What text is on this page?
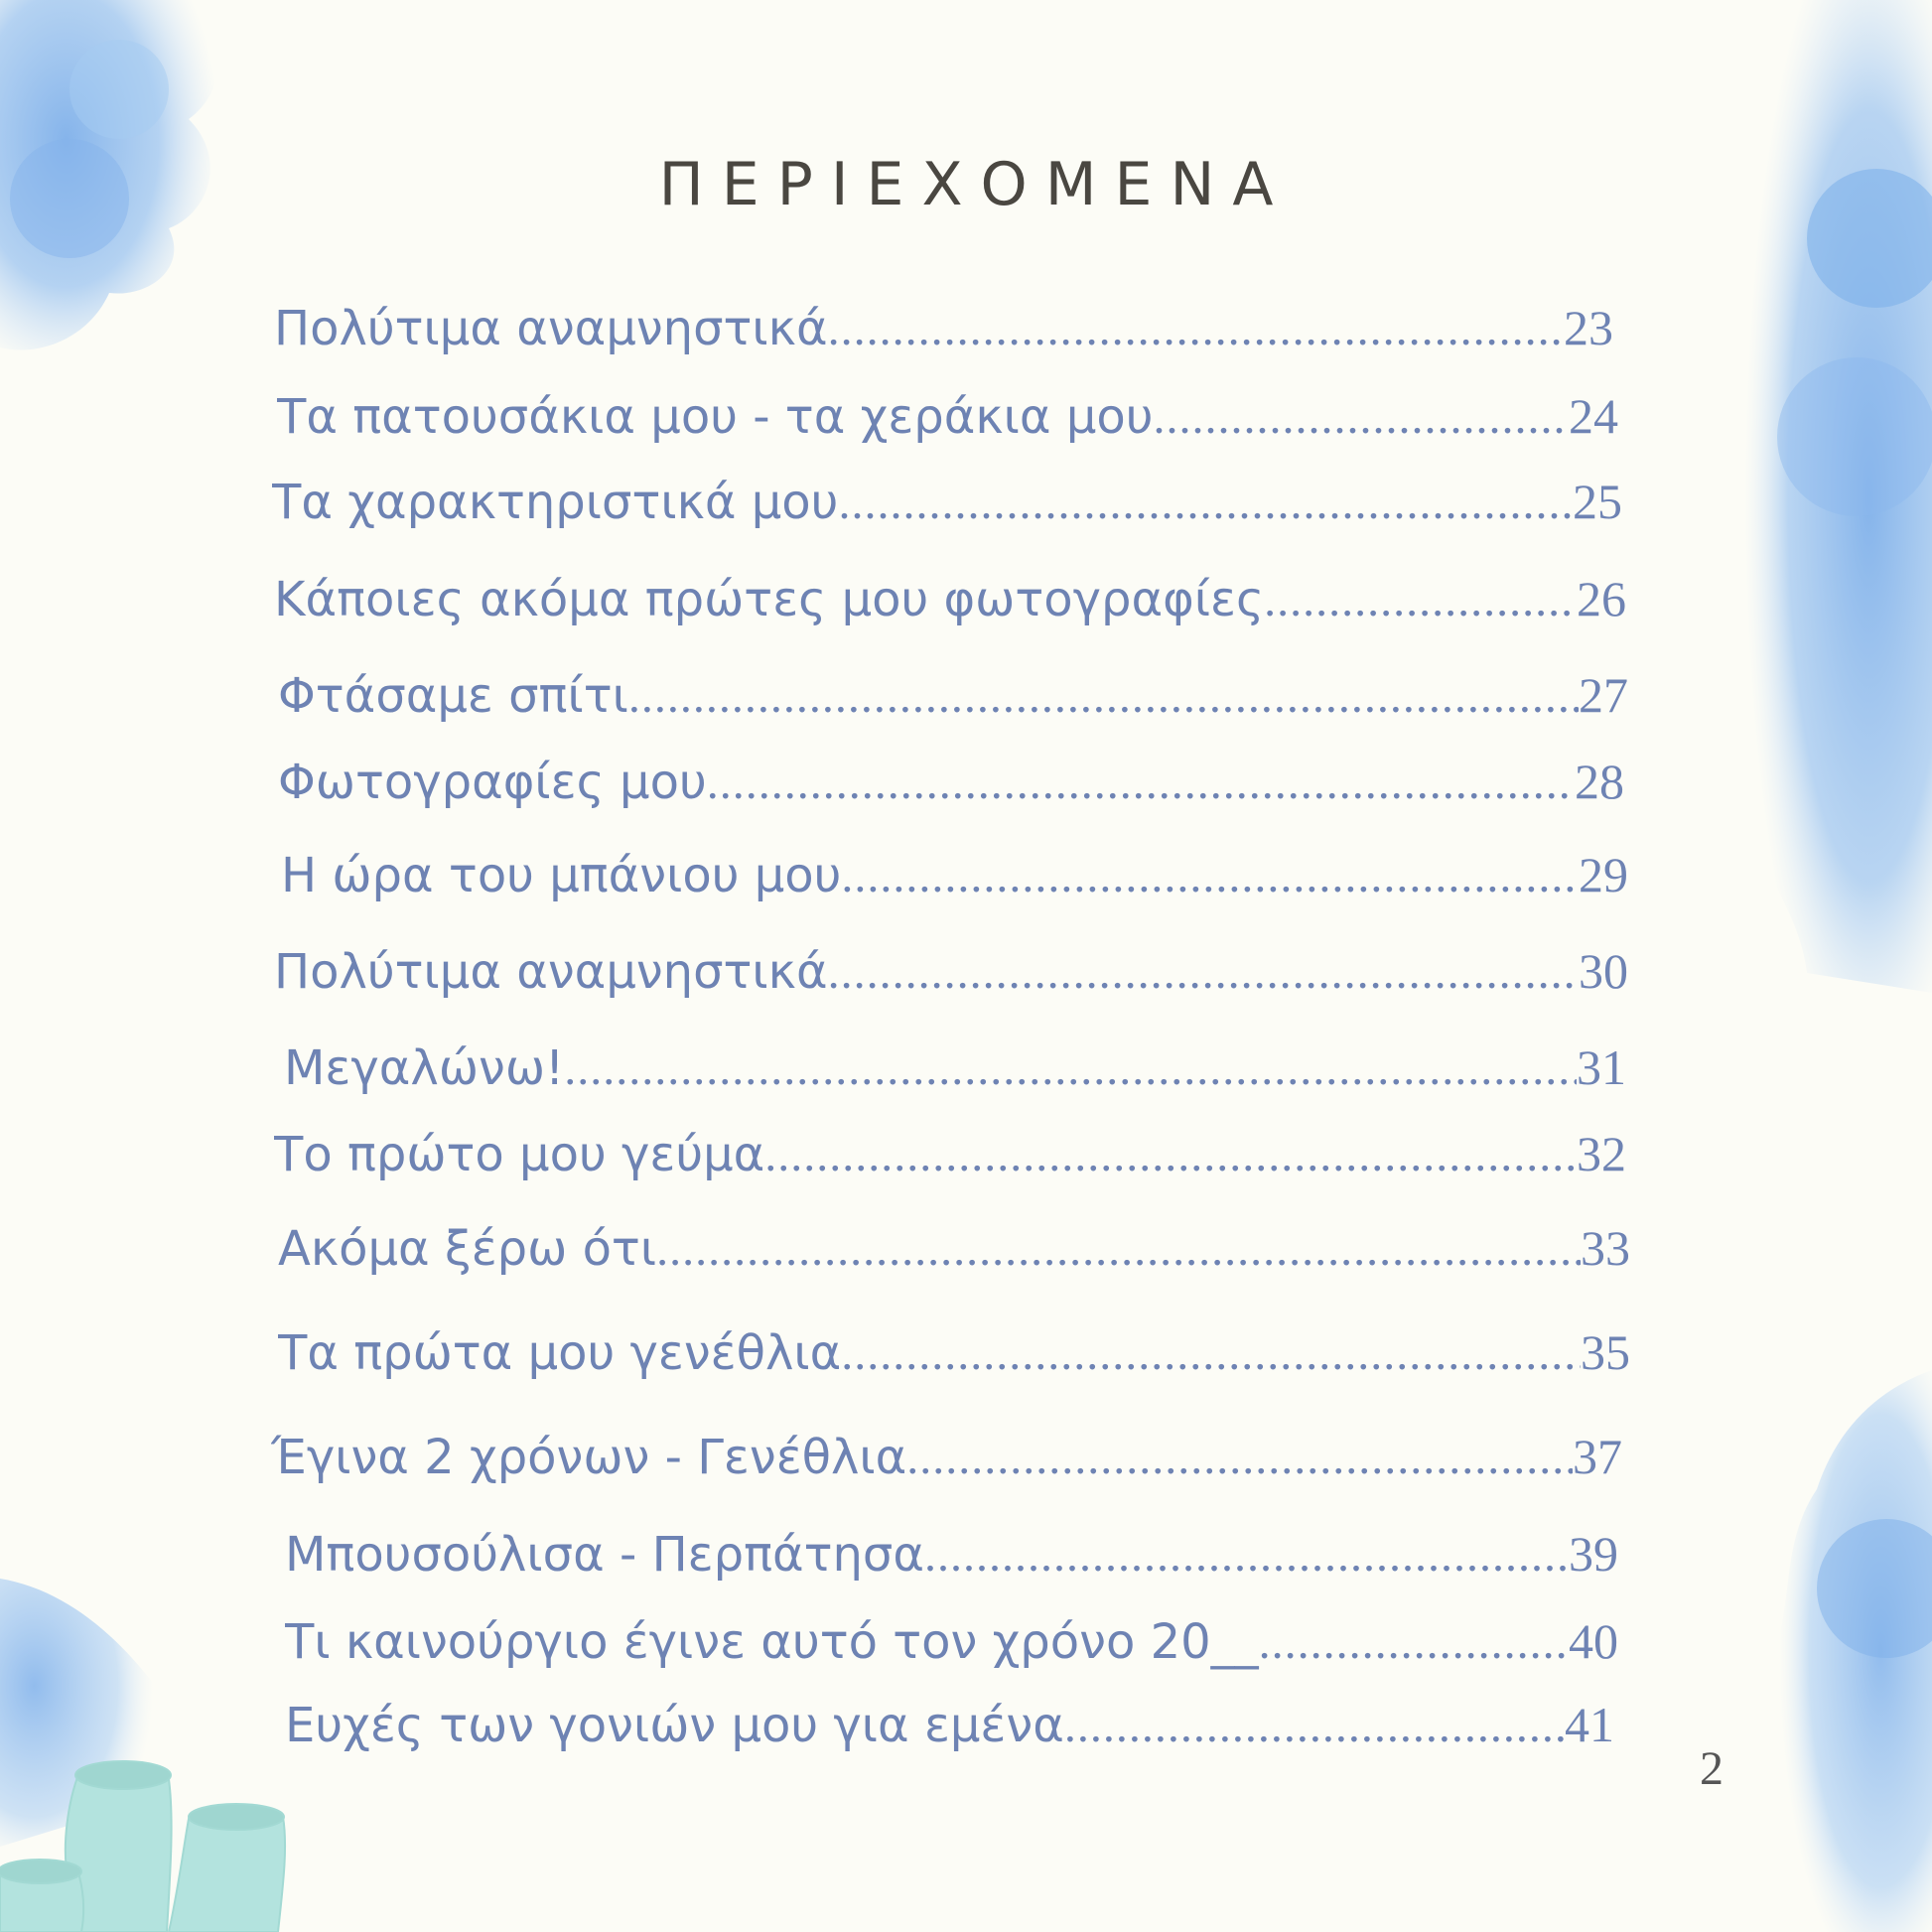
ΠΕΡΙΕΧΟΜΕΝΑ
Πολύτιμα αναμνηστικά .....	23
Τα πατουσάκια μου - τα χεράκια μου .....	24
Τα χαρακτηριστικά μου .....	25
Κάποιες ακόμα πρώτες μου φωτογραφίες .....	26
Φτάσαμε σπίτι .....	27
Φωτογραφίες μου .....	28
Η ώρα του μπάνιου μου .....	29
Πολύτιμα αναμνηστικά .....	30
Μεγαλώνω! .....	31
Το πρώτο μου γεύμα .....	32
Ακόμα ξέρω ότι .....	33
Τα πρώτα μου γενέθλια .....	35
Έγινα 2 χρόνων - Γενέθλια .....	37
Μπουσούλισα - Περπάτησα .....	39
Τι καινούργιο έγινε αυτό τον χρόνο 20__ .....	40
Ευχές των γονιών μου για εμένα .....	41
2
